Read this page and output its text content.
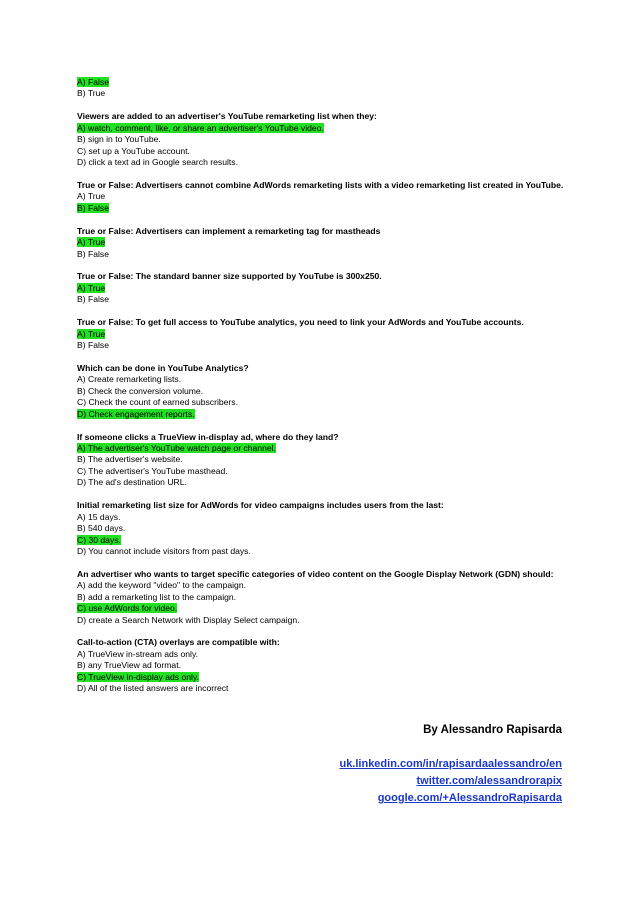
A) False
B) True
Viewers are added to an advertiser's YouTube remarketing list when they:
A) watch, comment, like, or share an advertiser's YouTube video.
B) sign in to YouTube.
C) set up a YouTube account.
D) click a text ad in Google search results.
True or False: Advertisers cannot combine AdWords remarketing lists with a video remarketing list created in YouTube.
A) True
B) False
True or False: Advertisers can implement a remarketing tag for mastheads
A) True
B) False
True or False: The standard banner size supported by YouTube is 300x250.
A) True
B) False
True or False: To get full access to YouTube analytics, you need to link your AdWords and YouTube accounts.
A) True
B) False
Which can be done in YouTube Analytics?
A) Create remarketing lists.
B) Check the conversion volume.
C) Check the count of earned subscribers.
D) Check engagement reports.
If someone clicks a TrueView in-display ad, where do they land?
A) The advertiser's YouTube watch page or channel.
B) The advertiser's website.
C) The advertiser's YouTube masthead.
D) The ad's destination URL.
Initial remarketing list size for AdWords for video campaigns includes users from the last:
A) 15 days.
B) 540 days.
C) 30 days.
D) You cannot include visitors from past days.
An advertiser who wants to target specific categories of video content on the Google Display Network (GDN) should:
A) add the keyword "video" to the campaign.
B) add a remarketing list to the campaign.
C) use AdWords for video.
D) create a Search Network with Display Select campaign.
Call-to-action (CTA) overlays are compatible with:
A) TrueView in-stream ads only.
B) any TrueView ad format.
C) TrueView in-display ads only.
D) All of the listed answers are incorrect
By Alessandro Rapisarda
uk.linkedin.com/in/rapisardaalessandro/en
twitter.com/alessandrorapix
google.com/+AlessandroRapisarda
